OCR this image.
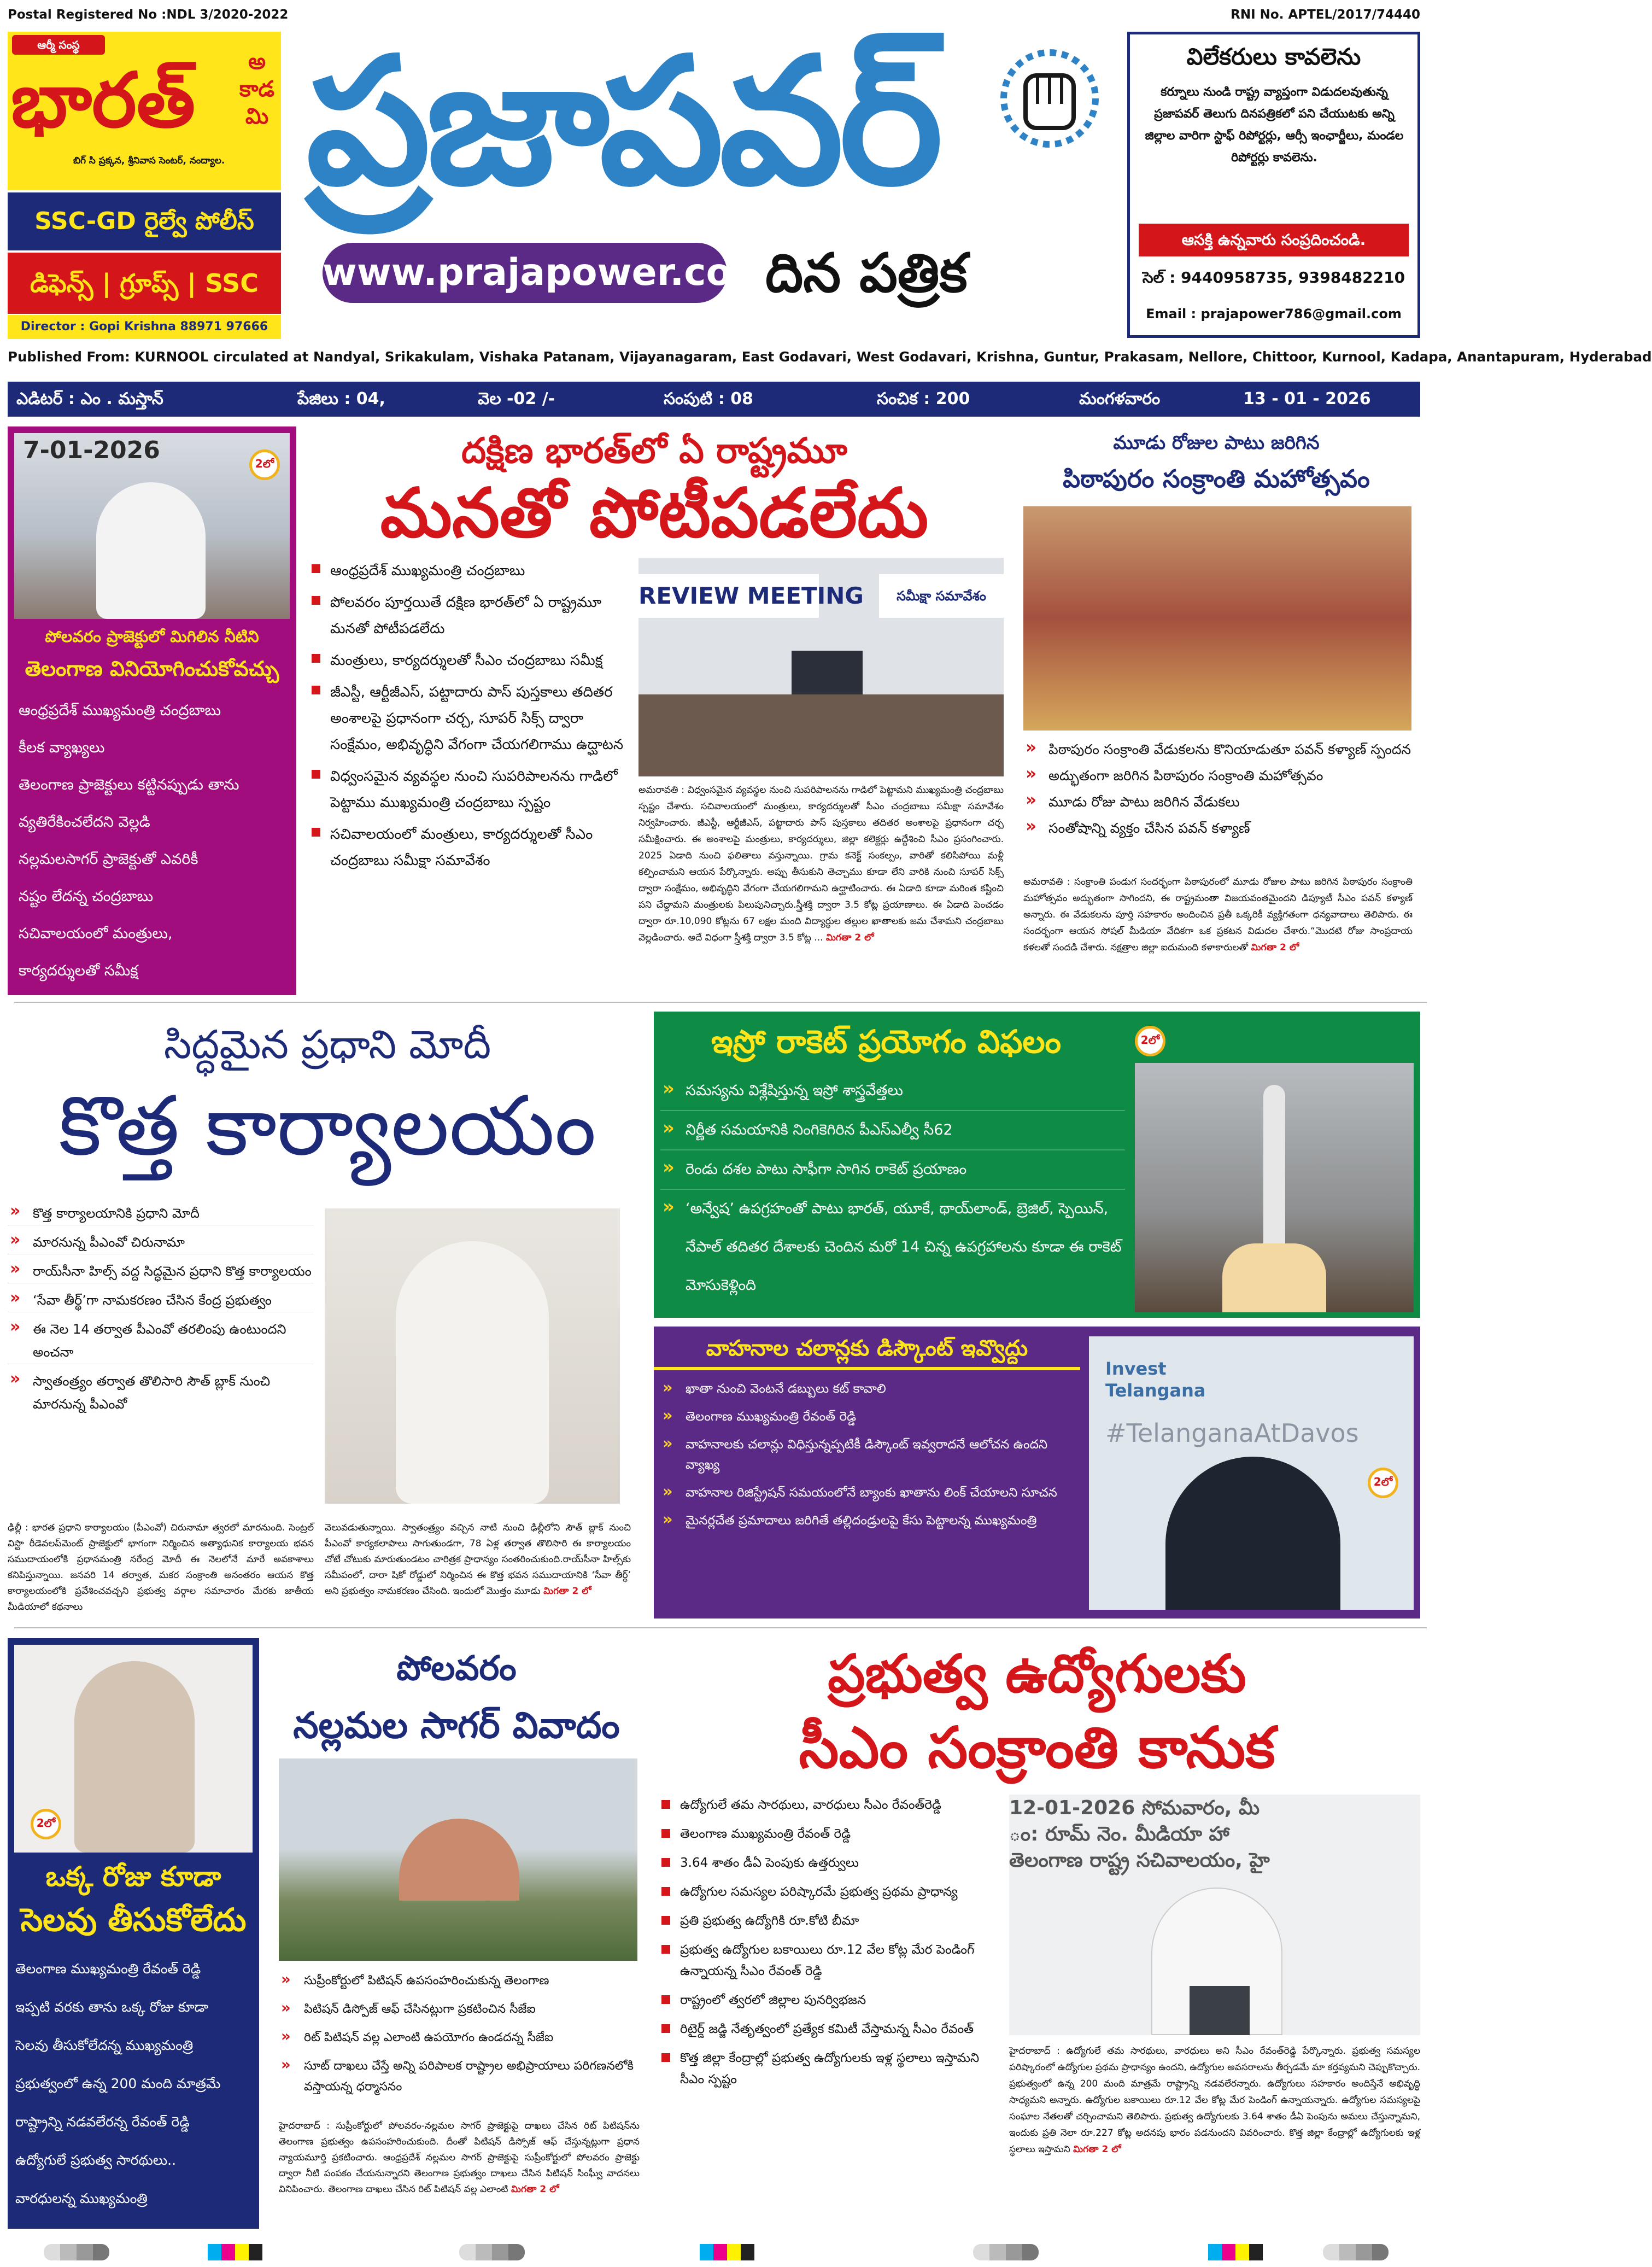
Postal Registered No :NDL 3/2020-2022
ఆర్మీ సంస్థ
భారత్	అకాడమి
బిగ్ సి ప్రక్కన, శ్రీనివాస సెంటర్, నంద్యాల.
SSC-GD రైల్వే పోలీస్
డిఫెన్స్ | గ్రూప్స్ | SSC
Director : Gopi Krishna 88971 97666
ప్రజాపవర్
www.prajapower.com
దిన పత్రిక
RNI No. APTEL/2017/74440
విలేకరులు కావలెను
కర్నూలు నుండి రాష్ట్ర వ్యాప్తంగా విడుదలవుతున్న ప్రజాపవర్ తెలుగు దినపత్రికలో పని చేయుటకు అన్ని జిల్లాల వారిగా స్టాఫ్ రిపోర్టర్లు, ఆర్సీ ఇంఛార్జీలు, మండల రిపోర్టర్లు కావలెను.
ఆసక్తి ఉన్నవారు సంప్రదించండి.
సెల్ : 9440958735, 9398482210
Email : prajapower786@gmail.com
Published From: KURNOOL circulated at Nandyal, Srikakulam, Vishaka Patanam, Vijayanagaram, East Godavari, West Godavari, Krishna, Guntur, Prakasam, Nellore, Chittoor, Kurnool, Kadapa, Anantapuram, Hyderabad
ఎడిటర్ : ఎం . మస్తాన్	పేజిలు : 04,	వెల -02 /-	సంపుటి : 08	సంచిక : 200	మంగళవారం	13 - 01 - 2026
7-01-2026	2లో
పోలవరం ప్రాజెక్టులో మిగిలిన నీటిని
తెలంగాణ వినియోగించుకోవచ్చు
ఆంధ్రప్రదేశ్ ముఖ్యమంత్రి చంద్రబాబు
కీలక వ్యాఖ్యలు
తెలంగాణ ప్రాజెక్టులు కట్టినప్పుడు తాను
వ్యతిరేకించలేదని వెల్లడి
నల్లమలసాగర్ ప్రాజెక్టుతో ఎవరికీ
నష్టం లేదన్న చంద్రబాబు
సచివాలయంలో మంత్రులు,
కార్యదర్శులతో సమీక్ష
దక్షిణ భారత్‌లో ఏ రాష్ట్రమూ
మనతో పోటీపడలేదు
ఆంధ్రప్రదేశ్ ముఖ్యమంత్రి చంద్రబాబు
పోలవరం పూర్తయితే దక్షిణ భారత్‌లో ఏ రాష్ట్రమూ మనతో పోటీపడలేదు
మంత్రులు, కార్యదర్శులతో సీఎం చంద్రబాబు సమీక్ష
జీఎస్టీ, ఆర్టీజీఎస్, పట్టాదారు పాస్ పుస్తకాలు తదితర అంశాలపై ప్రధానంగా చర్చ, సూపర్ సిక్స్ ద్వారా సంక్షేమం, అభివృద్ధిని వేగంగా చేయగలిగాము ఉద్ఘాటన
విధ్వంసమైన వ్యవస్థల నుంచి సుపరిపాలనను గాడిలో పెట్టాము ముఖ్యమంత్రి చంద్రబాబు స్పష్టం
సచివాలయంలో మంత్రులు, కార్యదర్శులతో సీఎం చంద్రబాబు సమీక్షా సమావేశం
REVIEW MEETING	సమీక్షా సమావేశం
అమరావతి : విధ్వంసమైన వ్యవస్థల నుంచి సుపరిపాలనను గాడిలో పెట్టామని ముఖ్యమంత్రి చంద్రబాబు స్పష్టం చేశారు. సచివాలయంలో మంత్రులు, కార్యదర్శులతో సీఎం చంద్రబాబు సమీక్షా సమావేశం నిర్వహించారు. జీఎస్టీ, ఆర్టీజీఎస్, పట్టాదారు పాస్ పుస్తకాలు తదితర అంశాలపై ప్రధానంగా చర్చ సమీక్షించారు. ఈ అంశాలపై మంత్రులు, కార్యదర్శులు, జిల్లా కలెక్టర్లు ఉద్దేశించి సీఎం ప్రసంగించారు. 2025 ఏడాది నుంచి ఫలితాలు వస్తున్నాయి. గ్రామ కనెక్ట్ సంకల్పం, వారితో కలిసిపోయి మళ్లీ కల్పించామని ఆయన పేర్కొన్నారు. అప్పు తీసుకుని తెచ్చాము కూడా లేని వారికి నుంచి సూపర్ సిక్స్ ద్వారా సంక్షేమం, అభివృద్ధిని వేగంగా చేయగలిగామని ఉద్ఘాటించారు. ఈ ఏడాది కూడా మరింత కష్టించి పని చేద్దామని మంత్రులకు పిలుపునిచ్చారు.స్త్రీశక్తి ద్వారా 3.5 కోట్ల ప్రయాణాలు. ఈ ఏడాది పెంచడం ద్వారా రూ.10,090 కోట్లను 67 లక్షల మంది విద్యార్థుల తల్లుల ఖాతాలకు జమ చేశామని చంద్రబాబు వెల్లడించారు. అదే విధంగా స్త్రీశక్తి ద్వారా 3.5 కోట్ల ... మిగతా 2 లో
మూడు రోజుల పాటు జరిగిన
పిఠాపురం సంక్రాంతి మహోత్సవం
» పిఠాపురం సంక్రాంతి వేడుకలను కొనియాడుతూ పవన్ కళ్యాణ్ స్పందన
» అద్భుతంగా జరిగిన పిఠాపురం సంక్రాంతి మహోత్సవం
» మూడు రోజు పాటు జరిగిన వేడుకలు
» సంతోషాన్ని వ్యక్తం చేసిన పవన్ కళ్యాణ్
అమరావతి : సంక్రాంతి పండుగ సందర్భంగా పిఠాపురంలో మూడు రోజుల పాటు జరిగిన పిఠాపురం సంక్రాంతి మహోత్సవం అద్భుతంగా సాగిందని, ఈ రాష్ట్రమంతా విజయవంతమైందని డిప్యూటీ సీఎం పవన్ కళ్యాణ్ అన్నారు. ఈ వేడుకలను పూర్తి సహకారం అందించిన ప్రతీ ఒక్కరికీ వ్యక్తిగతంగా ధన్యవాదాలు తెలిపారు. ఈ సందర్భంగా ఆయన సోషల్ మీడియా వేదికగా ఒక ప్రకటన విడుదల చేశారు.“మొదటి రోజు సాంప్రదాయ కళలతో సందడి చేశారు. నక్షత్రాల జిల్లా ఐదుమంది కళాకారులతో మిగతా 2 లో
సిద్ధమైన ప్రధాని మోదీ
కొత్త కార్యాలయం
» కొత్త కార్యాలయానికి ప్రధాని మోదీ
» మారనున్న పీఎంవో చిరునామా
» రాయ్‌సీనా హిల్స్ వద్ద సిద్ధమైన ప్రధాని కొత్త కార్యాలయం
» ‘సేవా తీర్థ్’గా నామకరణం చేసిన కేంద్ర ప్రభుత్వం
» ఈ నెల 14 తర్వాత పీఎంవో తరలింపు ఉంటుందని అంచనా
» స్వాతంత్ర్యం తర్వాత తొలిసారి సౌత్ బ్లాక్ నుంచి మారనున్న పీఎంవో
ఢిల్లీ : భారత ప్రధాని కార్యాలయం (పీఎంవో) చిరునామా త్వరలో మారనుంది. సెంట్రల్ విస్టా రీడెవలప్‌మెంట్ ప్రాజెక్టులో భాగంగా నిర్మించిన అత్యాధునిక కార్యాలయ భవన సముదాయంలోకి ప్రధానమంత్రి నరేంద్ర మోదీ ఈ నెలలోనే మారే అవకాశాలు కనిపిస్తున్నాయి. జనవరి 14 తర్వాత, మకర సంక్రాంతి అనంతరం ఆయన కొత్త కార్యాలయంలోకి ప్రవేశించవచ్చని ప్రభుత్వ వర్గాల సమాచారం మేరకు జాతీయ మీడియాలో కథనాలు
వెలువడుతున్నాయి. స్వాతంత్ర్యం వచ్చిన నాటి నుంచి ఢిల్లీలోని సౌత్ బ్లాక్ నుంచి పీఎంవో కార్యకలాపాలు సాగుతుండగా, 78 ఏళ్ల తర్వాత తొలిసారి ఈ కార్యాలయం చోటే చోటుకు మారుతుండటం చారిత్రక ప్రాధాన్యం సంతరించుకుంది.రాయ్‌సీనా హిల్స్‌కు సమీపంలో, దారా షికో రోడ్డులో నిర్మించిన ఈ కొత్త భవన సముదాయానికి ‘సేవా తీర్థ్’ అని ప్రభుత్వం నామకరణం చేసింది. ఇందులో మొత్తం మూడు మిగతా 2 లో
ఇస్రో రాకెట్ ప్రయోగం విఫలం	2లో
» సమస్యను విశ్లేషిస్తున్న ఇస్రో శాస్త్రవేత్తలు
» నిర్ణీత సమయానికి నింగికెగిరిన పీఎస్ఎల్వీ సీ62
» రెండు దశల పాటు సాఫీగా సాగిన రాకెట్ ప్రయాణం
» ‘అన్వేష’ ఉపగ్రహంతో పాటు భారత్, యూకే, థాయ్‌లాండ్, బ్రెజిల్, స్పెయిన్, నేపాల్ తదితర దేశాలకు చెందిన మరో 14 చిన్న ఉపగ్రహాలను కూడా ఈ రాకెట్ మోసుకెళ్లింది
వాహనాల చలాన్లకు డిస్కౌంట్ ఇవ్వొద్దు
» ఖాతా నుంచి వెంటనే డబ్బులు కట్ కావాలి
» తెలంగాణ ముఖ్యమంత్రి రేవంత్ రెడ్డి
» వాహనాలకు చలాన్లు విధిస్తున్నప్పటికీ డిస్కౌంట్ ఇవ్వరాదనే ఆలోచన ఉందని వ్యాఖ్య
» వాహనాల రిజిస్ట్రేషన్ సమయంలోనే బ్యాంకు ఖాతాను లింక్ చేయాలని సూచన
» మైనర్లచేత ప్రమాదాలు జరిగితే తల్లిదండ్రులపై కేసు పెట్టాలన్న ముఖ్యమంత్రి
Invest
Telangana
#TelanganaAtDavos
2లో
2లో
ఒక్క రోజు కూడా
సెలవు తీసుకోలేదు
తెలంగాణ ముఖ్యమంత్రి రేవంత్ రెడ్డి
ఇప్పటి వరకు తాను ఒక్క రోజు కూడా
సెలవు తీసుకోలేదన్న ముఖ్యమంత్రి
ప్రభుత్వంలో ఉన్న 200 మంది మాత్రమే
రాష్ట్రాన్ని నడవలేరన్న రేవంత్ రెడ్డి
ఉద్యోగులే ప్రభుత్వ సారథులు..
వారధులన్న ముఖ్యమంత్రి
పోలవరం
నల్లమల సాగర్ వివాదం
» సుప్రీంకోర్టులో పిటిషన్ ఉపసంహరించుకున్న తెలంగాణ
» పిటిషన్ డిస్పోజ్ ఆఫ్ చేసినట్లుగా ప్రకటించిన సీజేఐ
» రిట్ పిటిషన్ వల్ల ఎలాంటి ఉపయోగం ఉండదన్న సీజేఐ
» సూట్ దాఖలు చేస్తే అన్ని పరిపాలక రాష్ట్రాల అభిప్రాయాలు పరిగణనలోకి వస్తాయన్న ధర్మాసనం
హైదరాబాద్ : సుప్రీంకోర్టులో పోలవరం-నల్లమల సాగర్ ప్రాజెక్టుపై దాఖలు చేసిన రిట్ పిటిషన్‌ను తెలంగాణ ప్రభుత్వం ఉపసంహరించుకుంది. దీంతో పిటిషన్ డిస్పోజ్ ఆఫ్ చేస్తున్నట్లుగా ప్రధాన న్యాయమూర్తి ప్రకటించారు. ఆంధ్రప్రదేశ్ నల్లమల సాగర్ ప్రాజెక్టుపై సుప్రీంకోర్టులో పోలవరం ప్రాజెక్టు ద్వారా నీటి పంపకం చేయనున్నారని తెలంగాణ ప్రభుత్వం దాఖలు చేసిన పిటిషన్ సింఘ్వీ వాదనలు వినిపించారు. తెలంగాణ దాఖలు చేసిన రిట్ పిటిషన్ వల్ల ఎలాంటి మిగతా 2 లో
ప్రభుత్వ ఉద్యోగులకు
సీఎం సంక్రాంతి కానుక
ఉద్యోగులే తమ సారథులు, వారధులు సీఎం రేవంత్‌రెడ్డి
తెలంగాణ ముఖ్యమంత్రి రేవంత్ రెడ్డి
3.64 శాతం డీఏ పెంపుకు ఉత్తర్వులు
ఉద్యోగుల సమస్యల పరిష్కారమే ప్రభుత్వ ప్రథమ ప్రాధాన్య
ప్రతి ప్రభుత్వ ఉద్యోగికి రూ.కోటి బీమా
ప్రభుత్వ ఉద్యోగుల బకాయిలు రూ.12 వేల కోట్ల మేర పెండింగ్ ఉన్నాయన్న సీఎం రేవంత్ రెడ్డి
రాష్ట్రంలో త్వరలో జిల్లాల పునర్విభజన
రిటైర్డ్ జడ్జి నేతృత్వంలో ప్రత్యేక కమిటీ వేస్తామన్న సీఎం రేవంత్
కొత్త జిల్లా కేంద్రాల్లో ప్రభుత్వ ఉద్యోగులకు ఇళ్ల స్థలాలు ఇస్తామని సీఎం స్పష్టం
12-01-2026 సోమవారం, మీ
ం: రూమ్ నెం. మీడియా హా
తెలంగాణ రాష్ట్ర సచివాలయం, హై
హైదరాబాద్ : ఉద్యోగులే తమ సారథులు, వారధులు అని సీఎం రేవంత్‌రెడ్డి పేర్కొన్నారు. ప్రభుత్వ సమస్యల పరిష్కారంలో ఉద్యోగుల ప్రథమ ప్రాధాన్యం ఉందని, ఉద్యోగుల అవసరాలను తీర్చడమే మా కర్తవ్యమని చెప్పుకొచ్చారు. ప్రభుత్వంలో ఉన్న 200 మంది మాత్రమే రాష్ట్రాన్ని నడవలేరన్నారు. ఉద్యోగులు సహకారం అందిస్తేనే అభివృద్ధి సాధ్యమని అన్నారు. ఉద్యోగుల బకాయిలు రూ.12 వేల కోట్ల మేర పెండింగ్ ఉన్నాయన్నారు. ఉద్యోగుల సమస్యలపై సంఘాల నేతలతో చర్చించామని తెలిపారు. ప్రభుత్వ ఉద్యోగులకు 3.64 శాతం డీఏ పెంపును అమలు చేస్తున్నామని, ఇందుకు ప్రతి నెలా రూ.227 కోట్ల అదనపు భారం పడనుందని వివరించారు. కొత్త జిల్లా కేంద్రాల్లో ఉద్యోగులకు ఇళ్ల స్థలాలు ఇస్తామని మిగతా 2 లో
